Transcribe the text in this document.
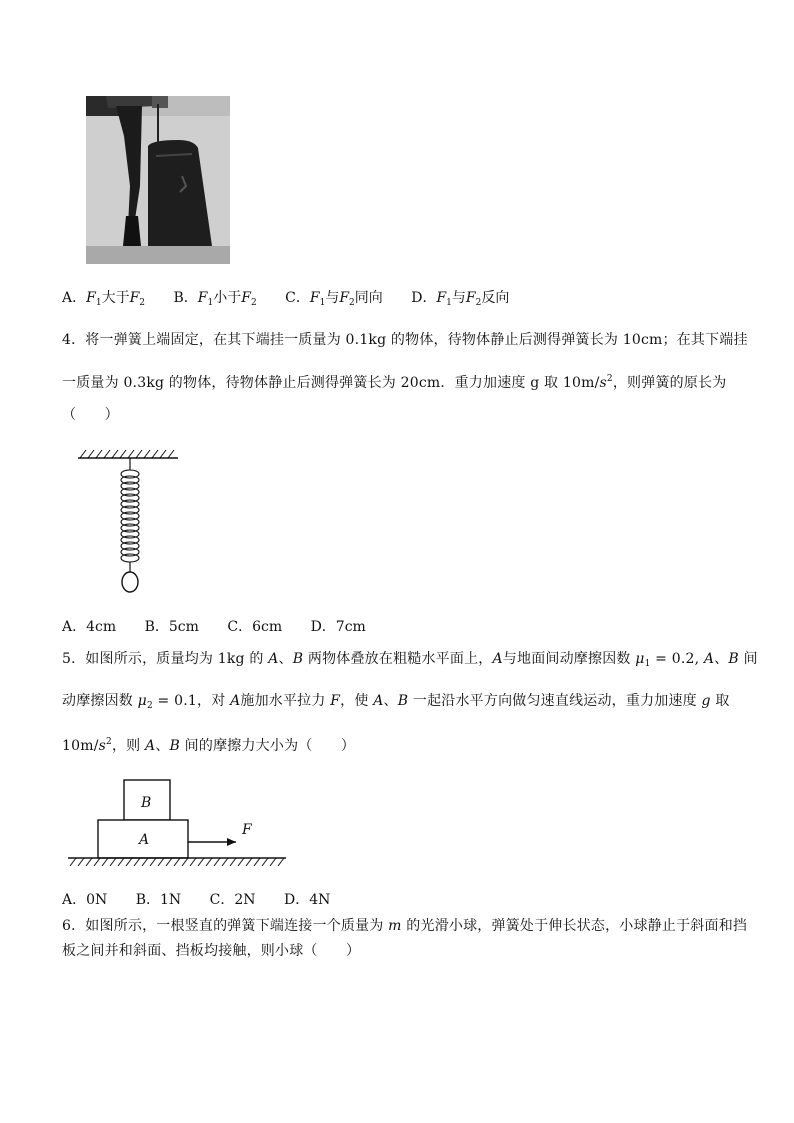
A．$F_1$大于$F_2$ B．$F_1$小于$F_2$ C．$F_1$与$F_2$同向 D．$F_1$与$F_2$反向
4．将一弹簧上端固定，在其下端挂一质量为 0.1kg 的物体，待物体静止后测得弹簧长为 10cm；在其下端挂
一质量为 0.3kg 的物体，待物体静止后测得弹簧长为 20cm．重力加速度 g 取 $10m/s^2$，则弹簧的原长为
（　　）
A．4cm B．5cm C．6cm D．7cm
5．如图所示，质量均为 1kg 的 A、B 两物体叠放在粗糙水平面上，A与地面间动摩擦因数 $\mu_1 = 0.2$, A、B 间
动摩擦因数 $\mu_2 = 0.1$，对 A施加水平拉力 F，使 A、B 一起沿水平方向做匀速直线运动，重力加速度 g 取
$10m/s^2$，则 A、B 间的摩擦力大小为（　　）
B
A
F
A．0N B．1N C．2N D．4N
6．如图所示，一根竖直的弹簧下端连接一个质量为 m 的光滑小球，弹簧处于伸长状态，小球静止于斜面和挡
板之间并和斜面、挡板均接触，则小球（　　）
